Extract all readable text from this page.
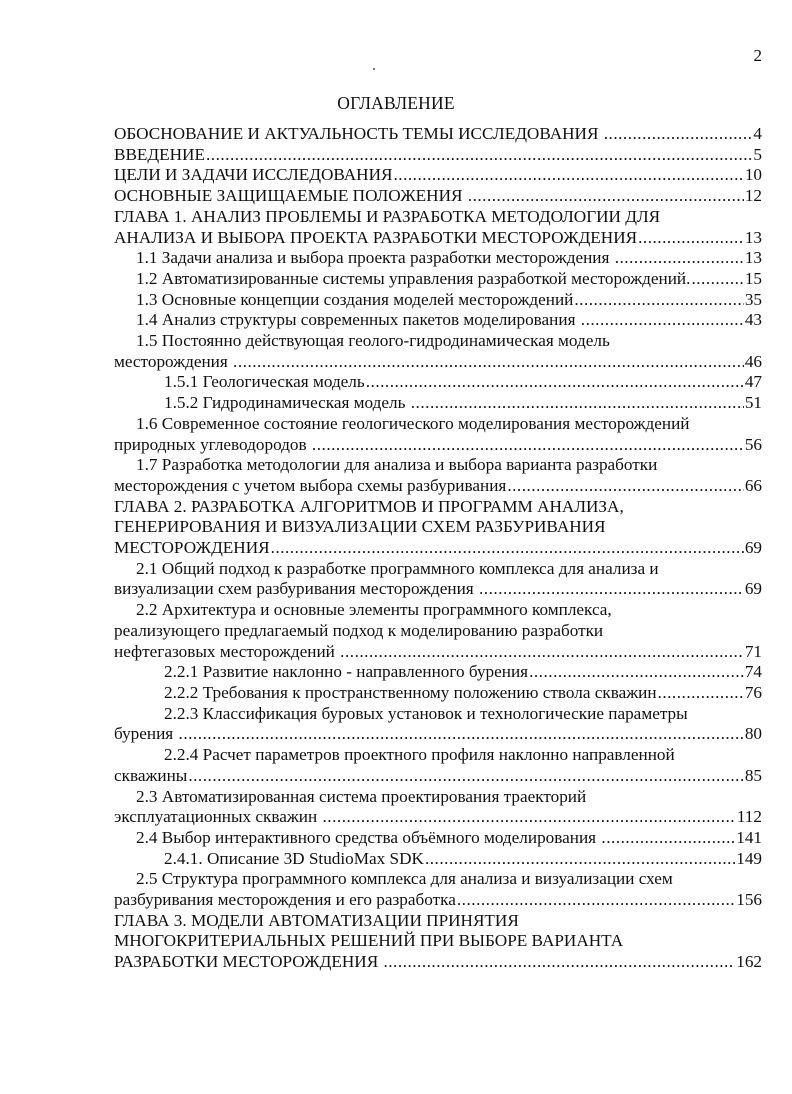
2
ОГЛАВЛЕНИЕ
ОБОСНОВАНИЕ И АКТУАЛЬНОСТЬ ТЕМЫ ИССЛЕДОВАНИЯ .....	4
ВВЕДЕНИЕ .....	5
ЦЕЛИ И ЗАДАЧИ ИССЛЕДОВАНИЯ .....	10
ОСНОВНЫЕ ЗАЩИЩАЕМЫЕ ПОЛОЖЕНИЯ .....	12
ГЛАВА 1. АНАЛИЗ ПРОБЛЕМЫ И РАЗРАБОТКА МЕТОДОЛОГИИ ДЛЯ
АНАЛИЗА И ВЫБОРА ПРОЕКТА РАЗРАБОТКИ МЕСТОРОЖДЕНИЯ .....	13
1.1 Задачи анализа и выбора проекта разработки месторождения .....	13
1.2 Автоматизированные системы управления разработкой месторождений. .....	15
1.3 Основные концепции создания моделей месторождений .....	35
1.4 Анализ структуры современных пакетов моделирования .....	43
1.5 Постоянно действующая геолого-гидродинамическая модель
месторождения .....	46
1.5.1 Геологическая модель .....	47
1.5.2 Гидродинамическая модель .....	51
1.6 Современное состояние геологического моделирования месторождений
природных углеводородов .....	56
1.7 Разработка методологии для анализа и выбора варианта разработки
месторождения с учетом выбора схемы разбуривания .....	66
ГЛАВА 2. РАЗРАБОТКА АЛГОРИТМОВ И ПРОГРАММ АНАЛИЗА,
ГЕНЕРИРОВАНИЯ И ВИЗУАЛИЗАЦИИ СХЕМ РАЗБУРИВАНИЯ
МЕСТОРОЖДЕНИЯ .....	69
2.1 Общий подход к разработке программного комплекса для анализа и
визуализации схем разбуривания месторождения .....	69
2.2 Архитектура и основные элементы программного комплекса,
реализующего предлагаемый подход к моделированию разработки
нефтегазовых месторождений .....	71
2.2.1 Развитие наклонно - направленного бурения .....	74
2.2.2 Требования к пространственному положению ствола скважин .....	76
2.2.3 Классификация буровых установок и технологические параметры
бурения .....	80
2.2.4 Расчет параметров проектного профиля наклонно направленной
скважины .....	85
2.3 Автоматизированная система проектирования траекторий
эксплуатационных скважин .....	112
2.4 Выбор интерактивного средства объёмного моделирования .....	141
2.4.1. Описание 3D StudioMax SDK .....	149
2.5 Структура программного комплекса для анализа и визуализации схем
разбуривания месторождения и его разработка .....	156
ГЛАВА 3. МОДЕЛИ АВТОМАТИЗАЦИИ ПРИНЯТИЯ
МНОГОКРИТЕРИАЛЬНЫХ РЕШЕНИЙ ПРИ ВЫБОРЕ ВАРИАНТА
РАЗРАБОТКИ МЕСТОРОЖДЕНИЯ .....	162
